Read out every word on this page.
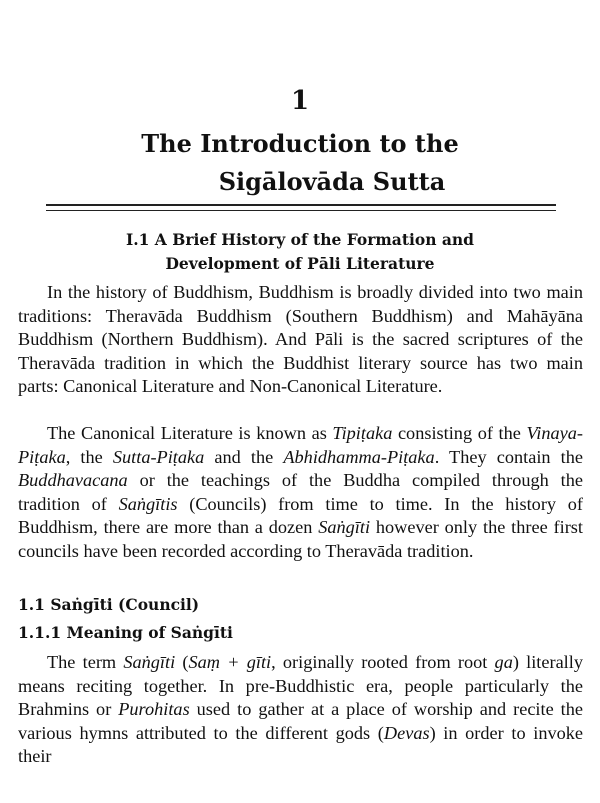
1
The Introduction to the
Sigālovāda Sutta
I.1 A Brief History of the Formation and
Development of Pāli Literature

In the history of Buddhism, Buddhism is broadly divided into two main traditions: Theravāda Buddhism (Southern Buddhism) and Mahāyāna Buddhism (Northern Buddhism). And Pāli is the sacred scriptures of the Theravāda tradition in which the Buddhist literary source has two main parts: Canonical Literature and Non-Canonical Literature.

The Canonical Literature is known as Tipiṭaka consisting of the Vinaya-Piṭaka, the Sutta-Piṭaka and the Abhidhamma-Piṭaka. They contain the Buddhavacana or the teachings of the Buddha compiled through the tradition of Saṅgītis (Councils) from time to time. In the history of Buddhism, there are more than a dozen Saṅgīti however only the three first councils have been recorded according to Theravāda tradition.

1.1 Saṅgīti (Council)
1.1.1 Meaning of Saṅgīti

The term Saṅgīti (Saṃ + gīti, originally rooted from root ga) literally means reciting together. In pre-Buddhistic era, people particularly the Brahmins or Purohitas used to gather at a place of worship and recite the various hymns attributed to the different gods (Devas) in order to invoke their
